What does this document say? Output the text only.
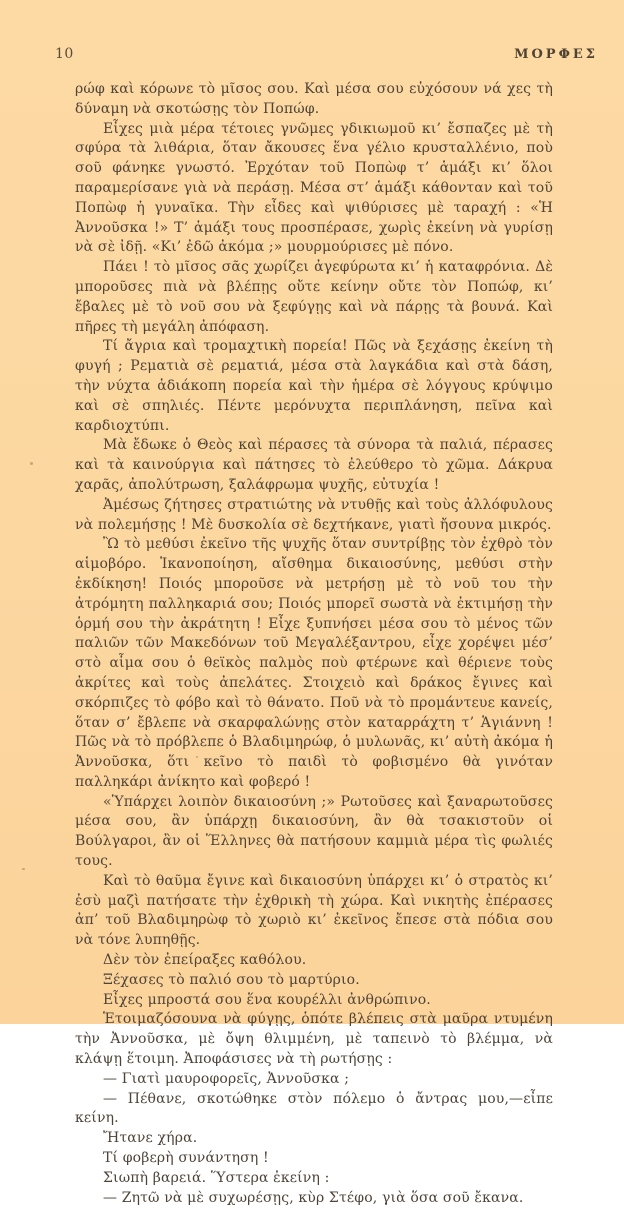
10	ΜΟΡΦΕΣ

ρώφ καὶ κόρωνε τὸ μῖσος σου. Καὶ μέσα σου εὐχόσουν νά χες τὴ δύναμη νὰ σκοτώσῃς τὸν Ποπώφ.

Εἶχες μιὰ μέρα τέτοιες γνῶμες γδικιωμοῦ κι’ ἔσπαζες μὲ τὴ σφύρα τὰ λιθάρια, ὅταν ἄκουσες ἕνα γέλιο κρυσταλλένιο, ποὺ σοῦ φάνηκε γνωστό. Ἐρχόταν τοῦ Ποπὼφ τ’ ἁμάξι κι’ ὅλοι παραμερίσανε γιὰ νὰ περάσῃ. Μέσα στ’ ἁμάξι κάθονταν καὶ τοῦ Ποπὼφ ἡ γυναῖκα. Τὴν εἶδες καὶ ψιθύρισες μὲ ταραχή : «Ἡ Ἀννοῦσκα !» Τ’ ἁμάξι τους προσπέρασε, χωρὶς ἐκείνη νὰ γυρίσῃ νὰ σὲ ἰδῇ. «Κι’ ἐδῶ ἀκόμα ;» μουρμούρισες μὲ πόνο.

Πάει ! τὸ μῖσος σᾶς χωρίζει ἀγεφύρωτα κι’ ἡ καταφρόνια. Δὲ μποροῦσες πιὰ νὰ βλέπῃς οὔτε κείνην οὔτε τὸν Ποπώφ, κι’ ἔβαλες μὲ τὸ νοῦ σου νὰ ξεφύγῃς καὶ νὰ πάρῃς τὰ βουνά. Καὶ πῆρες τὴ μεγάλη ἀπόφαση.

Τί ἄγρια καὶ τρομαχτικὴ πορεία! Πῶς νὰ ξεχάσῃς ἐκείνη τὴ φυγή ; Ρεματιὰ σὲ ρεματιά, μέσα στὰ λαγκάδια καὶ στὰ δάση, τὴν νύχτα ἀδιάκοπη πορεία καὶ τὴν ἡμέρα σὲ λόγγους κρύψιμο καὶ σὲ σπηλιές. Πέντε μερόνυχτα περιπλάνηση, πεῖνα καὶ καρδιοχτύπι.

Μὰ ἔδωκε ὁ Θεὸς καὶ πέρασες τὰ σύνορα τὰ παλιά, πέρασες καὶ τὰ καινούργια καὶ πάτησες τὸ ἐλεύθερο τὸ χῶμα. Δάκρυα χαρᾶς, ἀπολύτρωση, ξαλάφρωμα ψυχῆς, εὐτυχία !

Ἀμέσως ζήτησες στρατιώτης νὰ ντυθῇς καὶ τοὺς ἀλλόφυλους νὰ πολεμήσῃς ! Μὲ δυσκολία σὲ δεχτήκανε, γιατὶ ἤσουνα μικρός.

Ὢ τὸ μεθύσι ἐκεῖνο τῆς ψυχῆς ὅταν συντρίβῃς τὸν ἐχθρὸ τὸν αἱμοβόρο. Ἱκανοποίηση, αἴσθημα δικαιοσύνης, μεθύσι στὴν ἐκδίκηση! Ποιός μποροῦσε νὰ μετρήσῃ μὲ τὸ νοῦ του τὴν ἀτρόμητη παλληκαριά σου; Ποιός μπορεῖ σωστὰ νὰ ἐκτιμήσῃ τὴν ὁρμή σου τὴν ἀκράτητη ! Εἶχε ξυπνήσει μέσα σου τὸ μένος τῶν παλιῶν τῶν Μακεδόνων τοῦ Μεγαλέξαντρου, εἶχε χορέψει μέσ’ στὸ αἷμα σου ὁ θεϊκὸς παλμὸς ποὺ φτέρωνε καὶ θέριενε τοὺς ἀκρίτες καὶ τοὺς ἀπελάτες. Στοιχειὸ καὶ δράκος ἔγινες καὶ σκόρπιζες τὸ φόβο καὶ τὸ θάνατο. Ποῦ νὰ τὸ προμάντευε κανείς, ὅταν σ’ ἔβλεπε νὰ σκαρφαλώνῃς στὸν καταρράχτη τ’ Ἁγιάννη ! Πῶς νὰ τὸ πρόβλεπε ὁ Βλαδιμηρώφ, ὁ μυλωνᾶς, κι’ αὐτὴ ἀκόμα ἡ Ἀννοῦσκα, ὅτι κεῖνο τὸ παιδὶ τὸ φοβισμένο θὰ γινόταν παλληκάρι ἀνίκητο καὶ φοβερό !

«Ὑπάρχει λοιπὸν δικαιοσύνη ;» Ρωτοῦσες καὶ ξαναρωτοῦσες μέσα σου, ἂν ὑπάρχῃ δικαιοσύνη, ἂν θὰ τσακιστοῦν οἱ Βούλγαροι, ἂν οἱ Ἕλληνες θὰ πατήσουν καμμιὰ μέρα τὶς φωλιές τους.

Καὶ τὸ θαῦμα ἔγινε καὶ δικαιοσύνη ὑπάρχει κι’ ὁ στρατὸς κι’ ἐσὺ μαζὶ πατήσατε τὴν ἐχθρικὴ τὴ χώρα. Καὶ νικητὴς ἐπέρασες ἀπ’ τοῦ Βλαδιμηρὼφ τὸ χωριὸ κι’ ἐκεῖνος ἔπεσε στὰ πόδια σου νὰ τόνε λυπηθῇς.

Δὲν τὸν ἐπείραξες καθόλου.

Ξέχασες τὸ παλιό σου τὸ μαρτύριο.

Εἶχες μπροστά σου ἕνα κουρέλλι ἀνθρώπινο.

Ἑτοιμαζόσουνα νὰ φύγῃς, ὁπότε βλέπεις στὰ μαῦρα ντυμένη τὴν Ἀννοῦσκα, μὲ ὄψη θλιμμένη, μὲ ταπεινὸ τὸ βλέμμα, νὰ κλάψῃ ἕτοιμη. Ἀποφάσισες νὰ τὴ ρωτήσῃς :

— Γιατὶ μαυροφορεῖς, Ἀννοῦσκα ;

— Πέθανε, σκοτώθηκε στὸν πόλεμο ὁ ἄντρας μου,—εἶπε κείνη.

Ἤτανε χήρα.

Τί φοβερὴ συνάντηση !

Σιωπὴ βαρειά. Ὕστερα ἐκείνη :

— Ζητῶ νὰ μὲ συχωρέσῃς, κὺρ Στέφο, γιὰ ὅσα σοῦ ἔκανα.
